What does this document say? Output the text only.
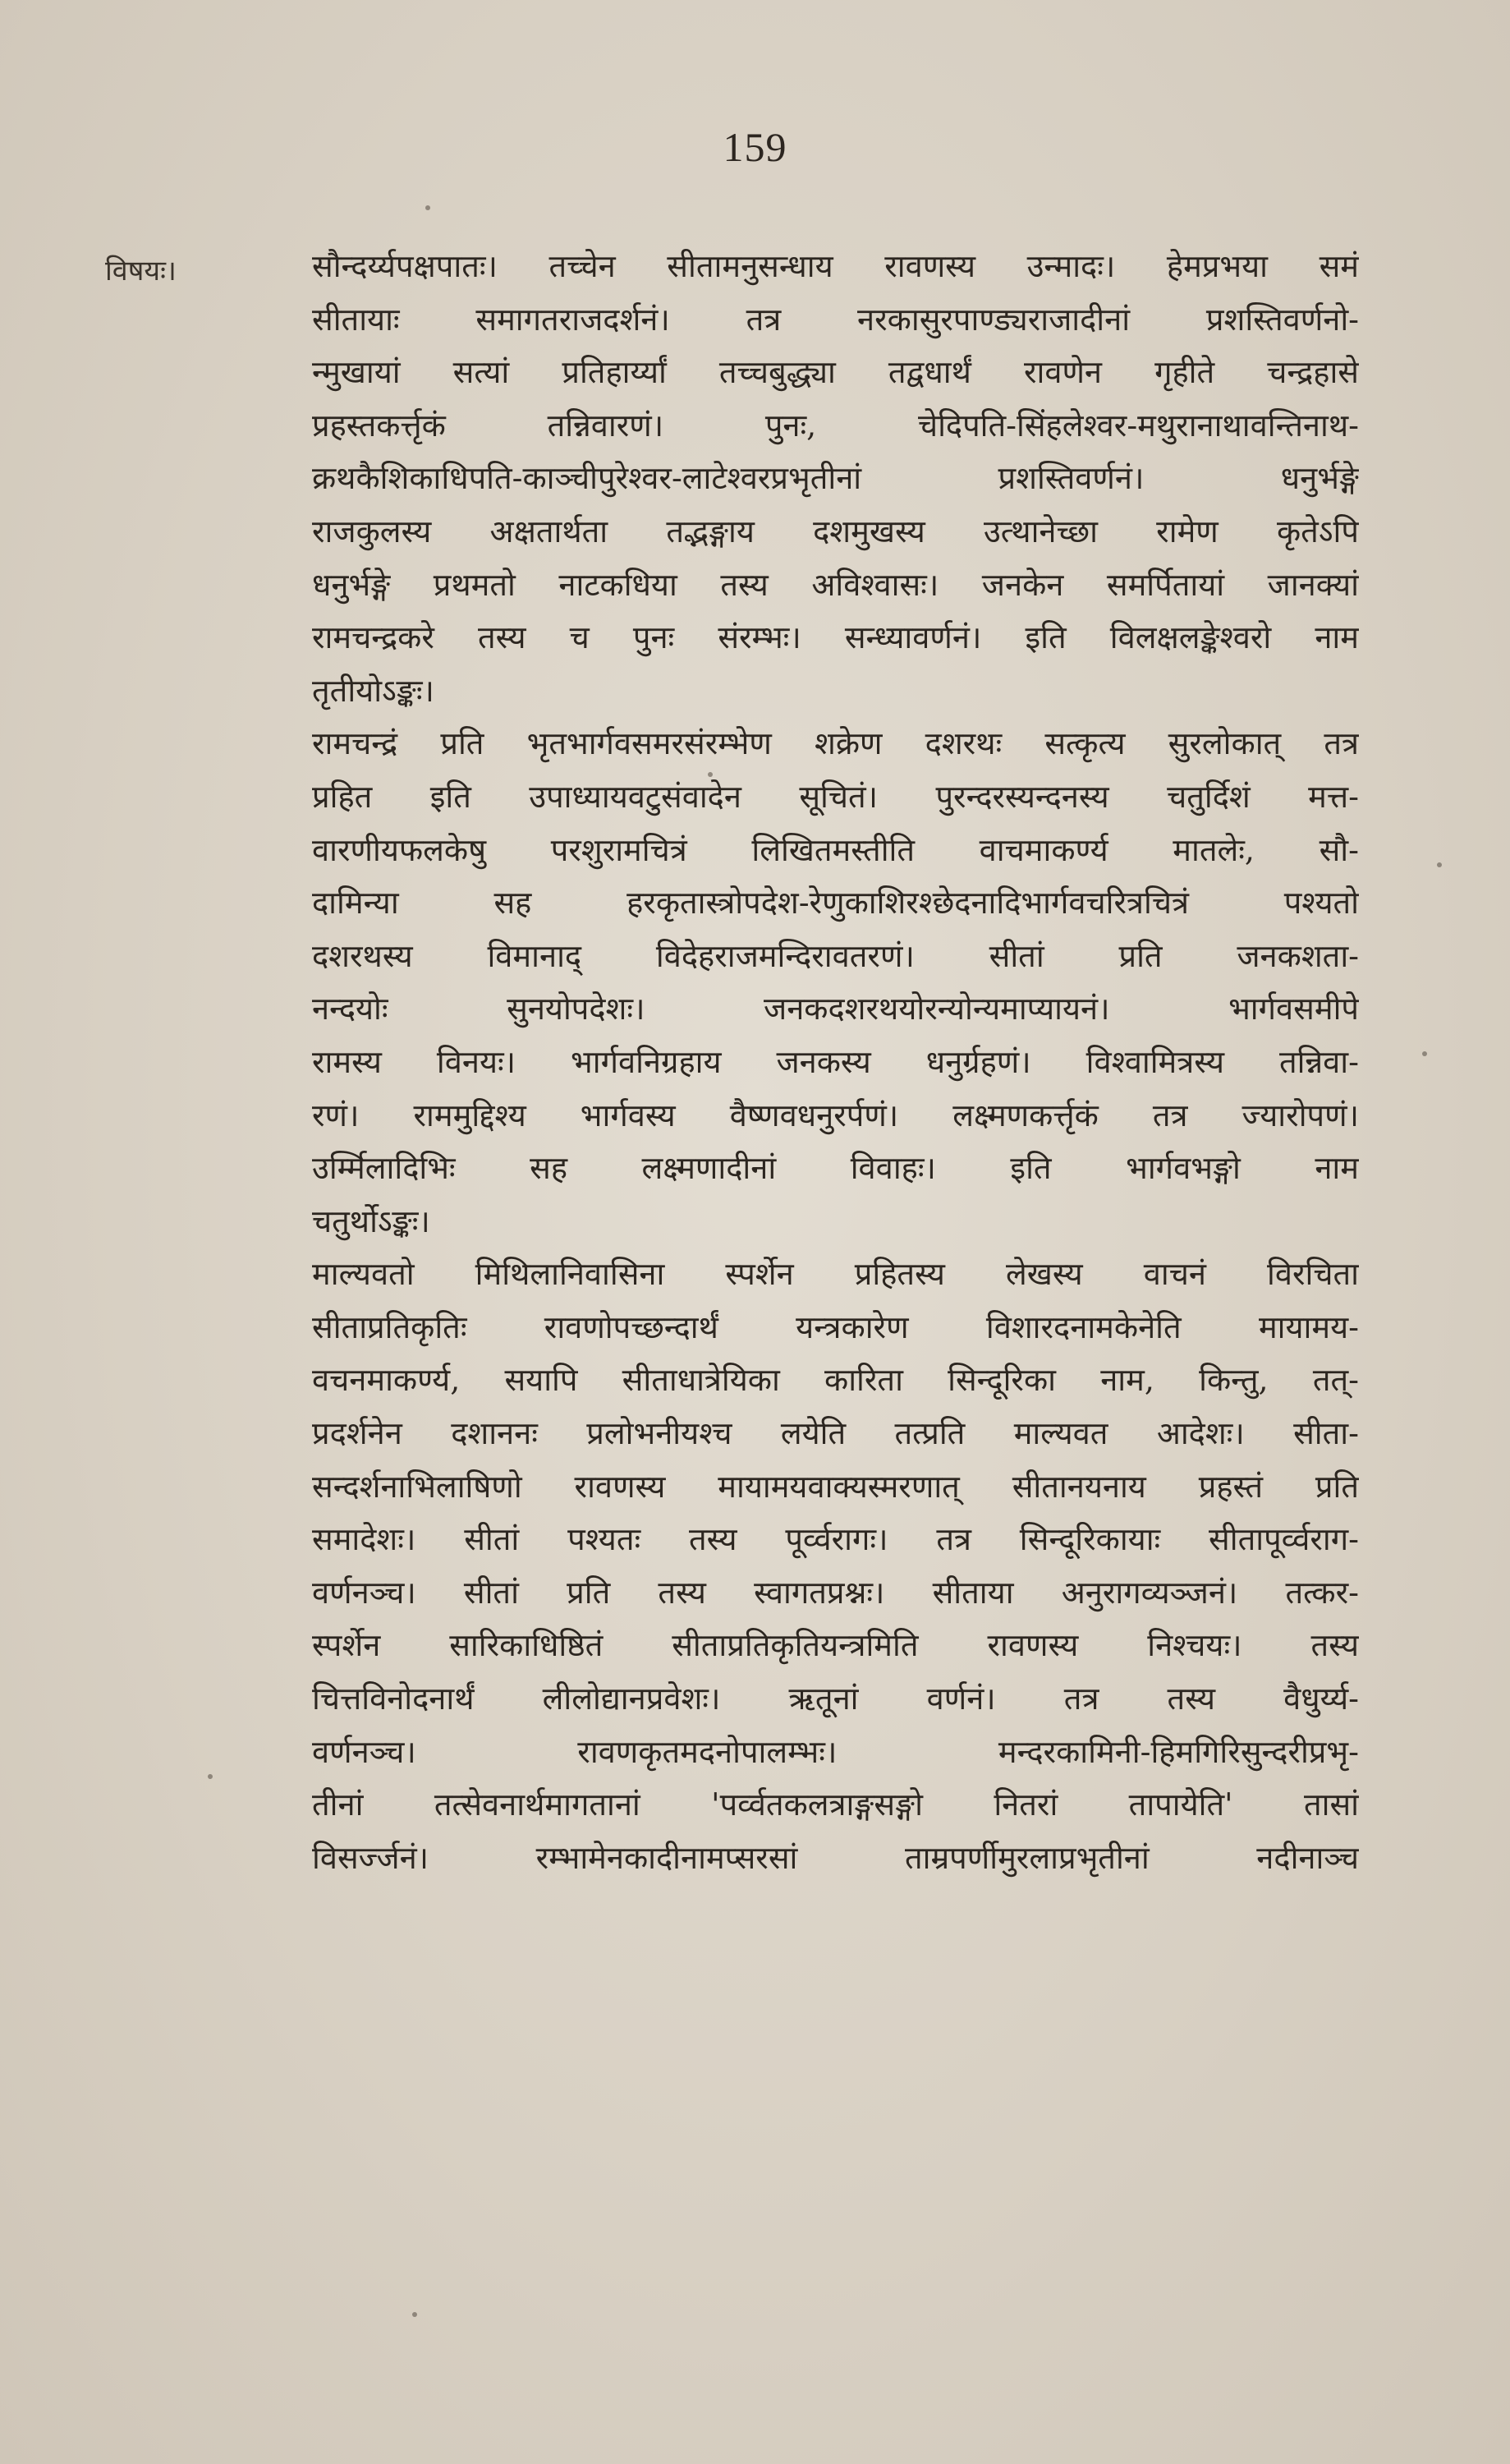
159
विषयः।	सौन्दर्य्यपक्षपातः। तच्चेन सीतामनुसन्धाय रावणस्य उन्मादः। हेमप्रभया समं
सीतायाः समागतराजदर्शनं। तत्र नरकासुरपाण्ड्यराजादीनां प्रशस्तिवर्णनो-
न्मुखायां सत्यां प्रतिहार्य्यां तच्चबुद्ध्या तद्वधार्थं रावणेन गृहीते चन्द्रहासे
प्रहस्तकर्त्तृकं तन्निवारणं। पुनः, चेदिपति-सिंहलेश्वर-मथुरानाथावन्तिनाथ-
क्रथकैशिकाधिपति-काञ्चीपुरेश्वर-लाटेश्वरप्रभृतीनां प्रशस्तिवर्णनं। धनुर्भङ्गे
राजकुलस्य अक्षतार्थता तद्भङ्गाय दशमुखस्य उत्थानेच्छा रामेण कृतेऽपि
धनुर्भङ्गे प्रथमतो नाटकधिया तस्य अविश्वासः। जनकेन समर्पितायां जानक्यां
रामचन्द्रकरे तस्य च पुनः संरम्भः। सन्ध्यावर्णनं। इति विलक्षलङ्केश्वरो नाम
तृतीयोऽङ्कः।
रामचन्द्रं प्रति भृतभार्गवसमरसंरम्भेण शक्रेण दशरथः सत्कृत्य सुरलोकात् तत्र
प्रहित इति उपाध्यायवटुसंवादेन सूचितं। पुरन्दरस्यन्दनस्य चतुर्दिशं मत्त-
वारणीयफलकेषु परशुरामचित्रं लिखितमस्तीति वाचमाकर्ण्य मातलेः, सौ-
दामिन्या सह हरकृतास्त्रोपदेश-रेणुकाशिरश्छेदनादिभार्गवचरित्रचित्रं पश्यतो
दशरथस्य विमानाद् विदेहराजमन्दिरावतरणं। सीतां प्रति जनकशता-
नन्दयोः सुनयोपदेशः। जनकदशरथयोरन्योन्यमाप्यायनं। भार्गवसमीपे
रामस्य विनयः। भार्गवनिग्रहाय जनकस्य धनुर्ग्रहणं। विश्वामित्रस्य तन्निवा-
रणं। राममुद्दिश्य भार्गवस्य वैष्णवधनुरर्पणं। लक्ष्मणकर्त्तृकं तत्र ज्यारोपणं।
उर्म्मिलादिभिः सह लक्ष्मणादीनां विवाहः। इति भार्गवभङ्गो नाम
चतुर्थोऽङ्कः।
माल्यवतो मिथिलानिवासिना स्पर्शेन प्रहितस्य लेखस्य वाचनं विरचिता
सीताप्रतिकृतिः रावणोपच्छन्दार्थं यन्त्रकारेण विशारदनामकेनेति मायामय-
वचनमाकर्ण्य, सयापि सीताधात्रेयिका कारिता सिन्दूरिका नाम, किन्तु, तत्-
प्रदर्शनेन दशाननः प्रलोभनीयश्च लयेति तत्प्रति माल्यवत आदेशः। सीता-
सन्दर्शनाभिलाषिणो रावणस्य मायामयवाक्यस्मरणात् सीतानयनाय प्रहस्तं प्रति
समादेशः। सीतां पश्यतः तस्य पूर्व्वरागः। तत्र सिन्दूरिकायाः सीतापूर्व्वराग-
वर्णनञ्च। सीतां प्रति तस्य स्वागतप्रश्नः। सीताया अनुरागव्यञ्जनं। तत्कर-
स्पर्शेन सारिकाधिष्ठितं सीताप्रतिकृतियन्त्रमिति रावणस्य निश्चयः। तस्य
चित्तविनोदनार्थं लीलोद्यानप्रवेशः। ऋतूनां वर्णनं। तत्र तस्य वैधुर्य्य-
वर्णनञ्च। रावणकृतमदनोपालम्भः। मन्दरकामिनी-हिमगिरिसुन्दरीप्रभृ-
तीनां तत्सेवनार्थमागतानां 'पर्व्वतकलत्राङ्गसङ्गो नितरां तापायेति' तासां
विसर्ज्जनं। रम्भामेनकादीनामप्सरसां ताम्रपर्णीमुरलाप्रभृतीनां नदीनाञ्च
